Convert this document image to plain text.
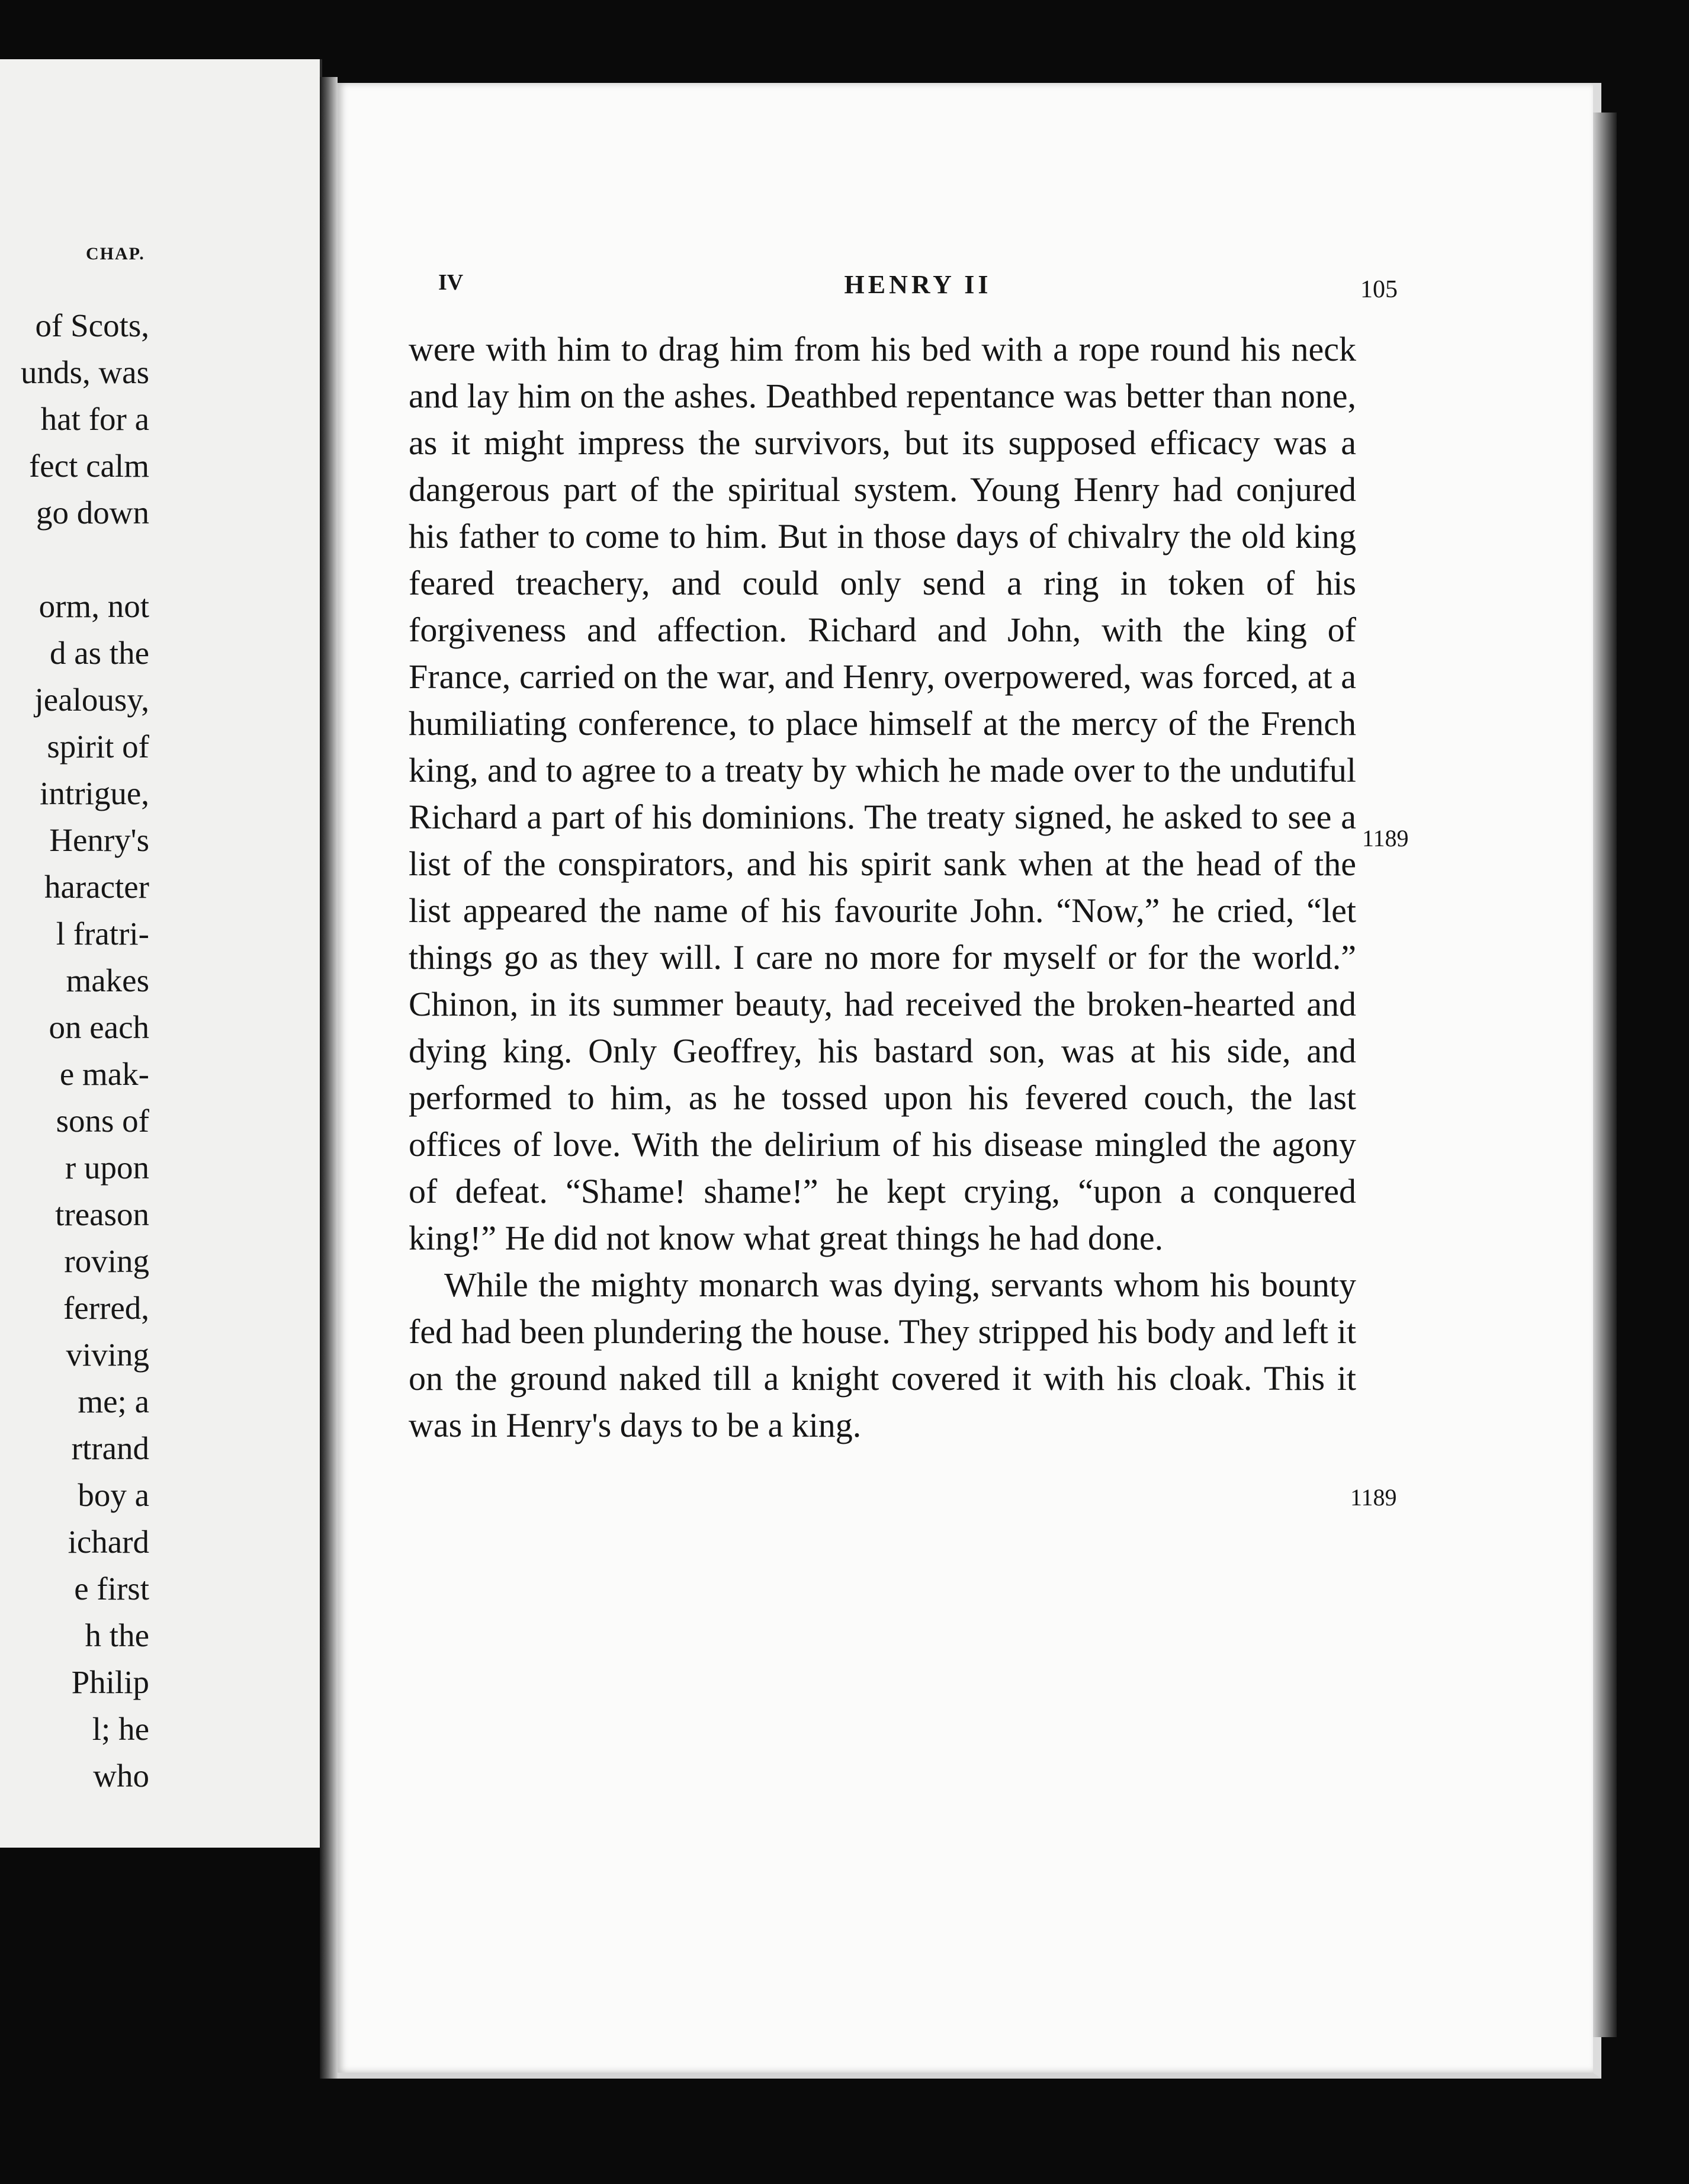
CHAP.
of Scots,
unds, was
hat for a
fect calm
go down

orm, not
d as the
jealousy,
spirit of
intrigue,
Henry's
haracter
l fratri-
makes
on each
e mak-
sons of
r upon
treason
roving
ferred,
viving
me; a
rtrand
boy a
ichard
e first
h the
Philip
l; he
who
IV	HENRY II	105

were with him to drag him from his bed with a rope round his neck and lay him on the ashes. Deathbed repentance was better than none, as it might impress the survivors, but its supposed efficacy was a dangerous part of the spiritual system. Young Henry had conjured his father to come to him. But in those days of chivalry the old king feared treachery, and could only send a ring in token of his forgiveness and affection. Richard and John, with the king of France, carried on the war, and Henry, overpowered, was forced, at a humiliating conference, to place himself at the mercy of the French king, and to agree to a treaty by which he made over to the undutiful Richard a part of his dominions. The treaty signed, he asked to see a list of the conspirators, and his spirit sank when at the head of the list appeared the name of his favourite John. “Now,” he cried, “let things go as they will. I care no more for myself or for the world.” Chinon, in its summer beauty, had received the broken-hearted and dying king. Only Geoffrey, his bastard son, was at his side, and performed to him, as he tossed upon his fevered couch, the last offices of love. With the delirium of his disease mingled the agony of defeat. “Shame! shame!” he kept crying, “upon a conquered king!” He did not know what great things he had done.

While the mighty monarch was dying, servants whom his bounty fed had been plundering the house. They stripped his body and left it on the ground naked till a knight covered it with his cloak. This it was in Henry's days to be a king.

1189
1189
